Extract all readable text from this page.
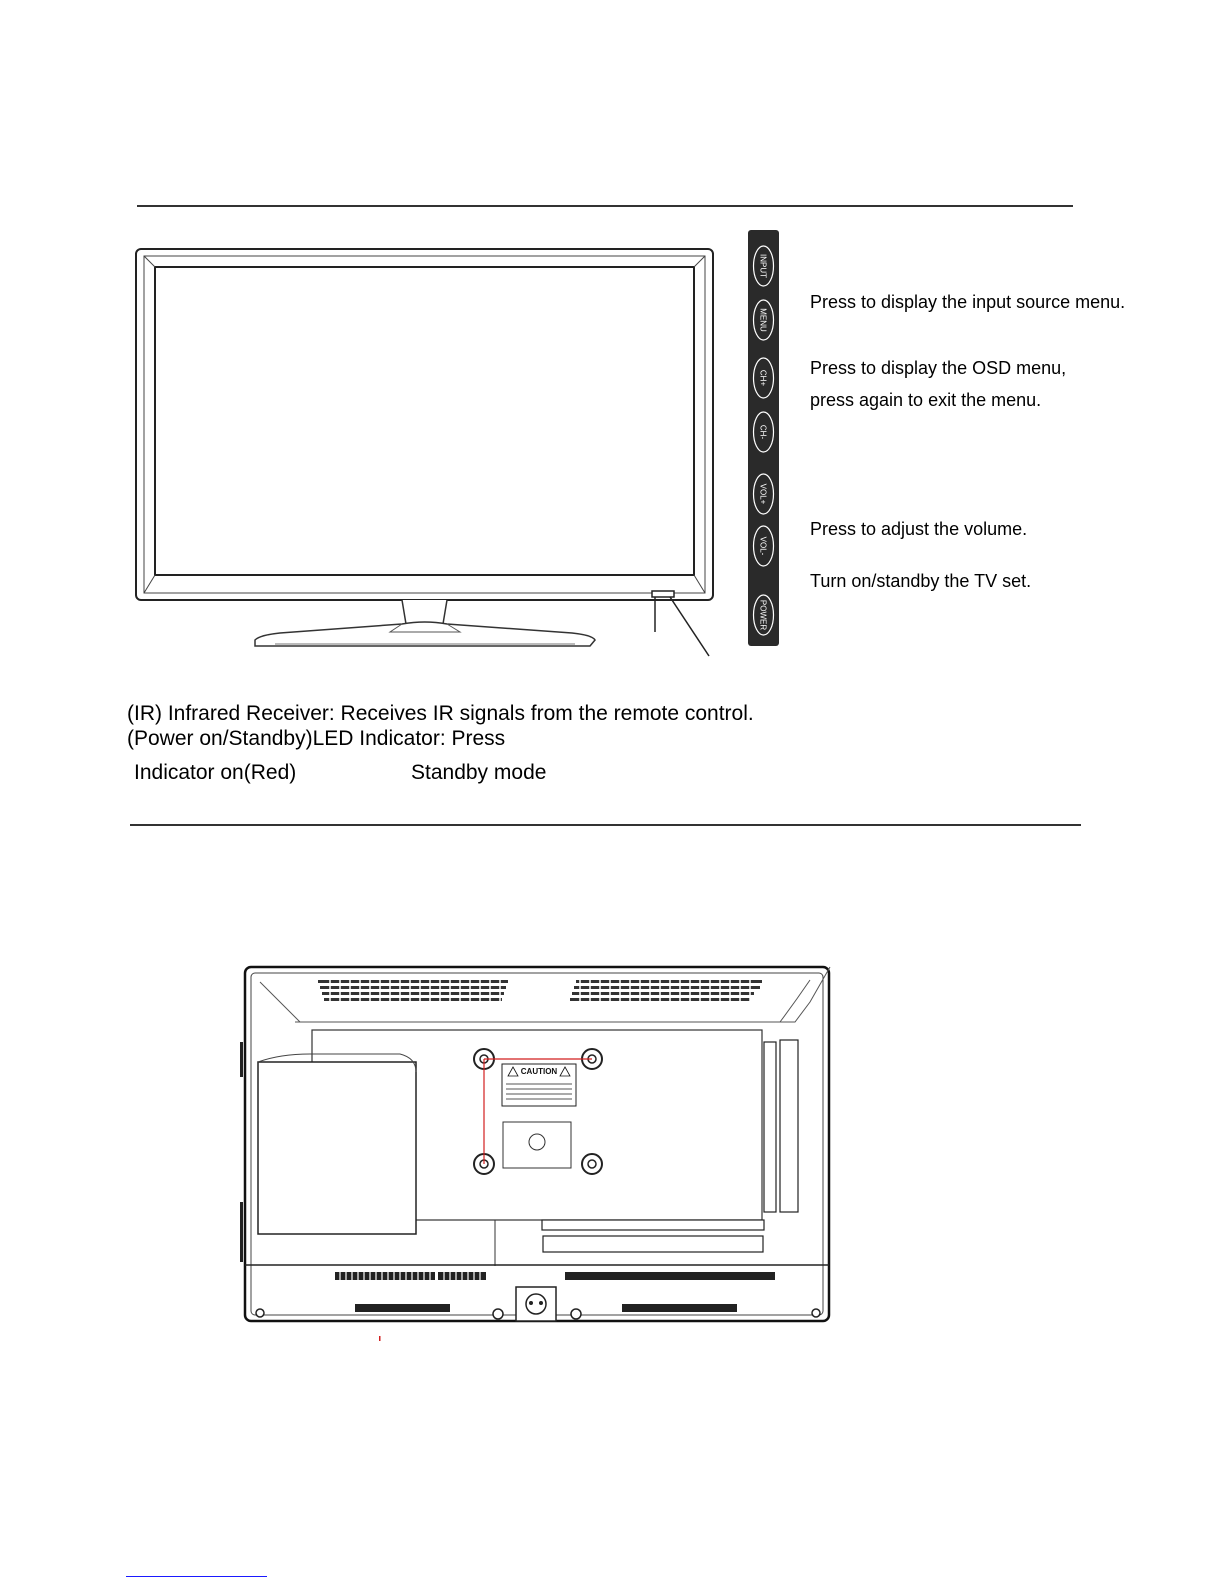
INPUT
MENU
CH+
CH-
VOL+
VOL-
POWER
Press to display the input source menu.
Press to display the OSD menu,
press again to exit the menu.
Press to adjust the volume.
Turn on/standby the TV set.
(IR) Infrared Receiver: Receives IR signals from the remote control.
(Power on/Standby)LED Indicator: Press
Indicator on(Red)	Standby mode
CAUTION
